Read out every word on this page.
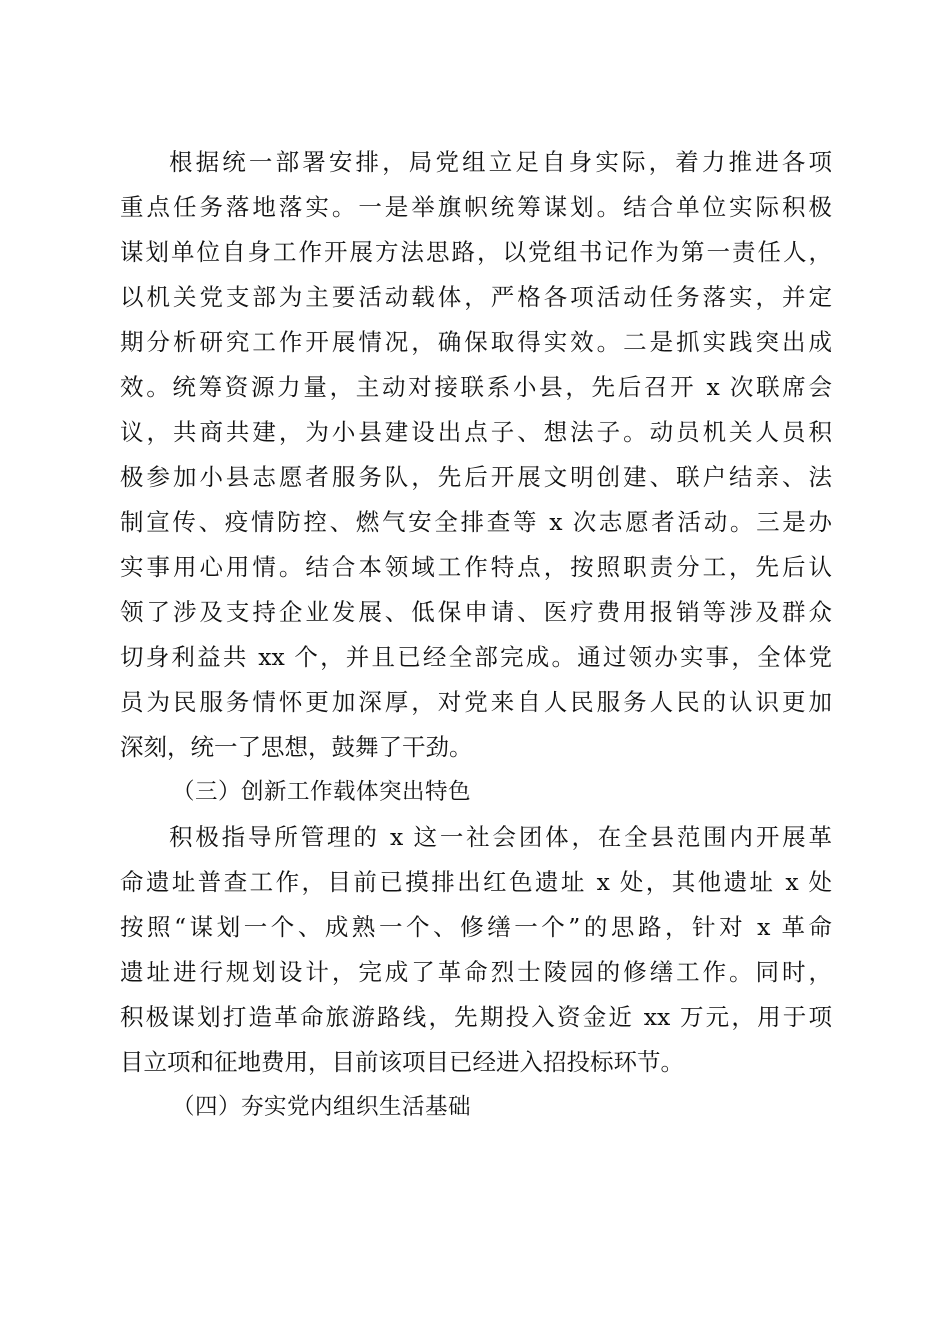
根据统一部署安排，局党组立足自身实际，着力推进各项
重点任务落地落实。一是举旗帜统筹谋划。结合单位实际积极
谋划单位自身工作开展方法思路，以党组书记作为第一责任人，
以机关党支部为主要活动载体，严格各项活动任务落实，并定
期分析研究工作开展情况，确保取得实效。二是抓实践突出成
效。统筹资源力量，主动对接联系小县，先后召开 x 次联席会
议，共商共建，为小县建设出点子、想法子。动员机关人员积
极参加小县志愿者服务队，先后开展文明创建、联户结亲、法
制宣传、疫情防控、燃气安全排查等 x 次志愿者活动。三是办
实事用心用情。结合本领域工作特点，按照职责分工，先后认
领了涉及支持企业发展、低保申请、医疗费用报销等涉及群众
切身利益共 xx 个，并且已经全部完成。通过领办实事，全体党
员为民服务情怀更加深厚，对党来自人民服务人民的认识更加
深刻，统一了思想，鼓舞了干劲。
（三）创新工作载体突出特色
积极指导所管理的 x 这一社会团体，在全县范围内开展革
命遗址普查工作，目前已摸排出红色遗址 x 处，其他遗址 x 处
按照“谋划一个、成熟一个、修缮一个”的思路，针对 x 革命
遗址进行规划设计，完成了革命烈士陵园的修缮工作。同时，
积极谋划打造革命旅游路线，先期投入资金近 xx 万元，用于项
目立项和征地费用，目前该项目已经进入招投标环节。
（四）夯实党内组织生活基础
